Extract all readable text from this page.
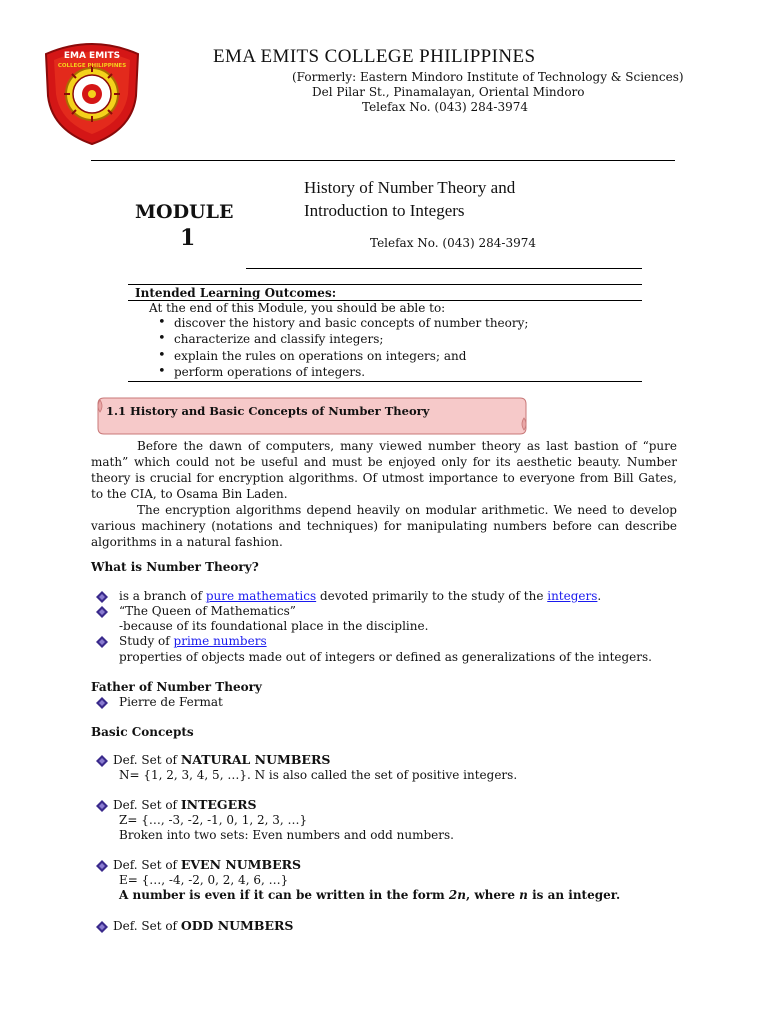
EMA EMITS
COLLEGE PHILIPPINES	EMA EMITS COLLEGE PHILIPPINES
(Formerly: Eastern Mindoro Institute of Technology & Sciences)
Del Pilar St., Pinamalayan, Oriental Mindoro
Telefax No. (043) 284-3974
MODULE
1
History of Number Theory and
Introduction to Integers
Telefax No. (043) 284-3974
Intended Learning Outcomes:
At the end of this Module, you should be able to:
• discover the history and basic concepts of number theory;
• characterize and classify integers;
• explain the rules on operations on integers; and
• perform operations of integers.
1.1 History and Basic Concepts of Number Theory

Before the dawn of computers, many viewed number theory as last bastion of “pure math” which could not be useful and must be enjoyed only for its aesthetic beauty. Number theory is crucial for encryption algorithms. Of utmost importance to everyone from Bill Gates, to the CIA, to Osama Bin Laden.

The encryption algorithms depend heavily on modular arithmetic. We need to develop various machinery (notations and techniques) for manipulating numbers before can describe algorithms in a natural fashion.

What is Number Theory?
is a branch of pure mathematics devoted primarily to the study of the integers.
“The Queen of Mathematics”
-because of its foundational place in the discipline.
Study of prime numbers
properties of objects made out of integers or defined as generalizations of the integers.
Father of Number Theory
Pierre de Fermat
Basic Concepts
Def. Set of NATURAL NUMBERS
N= {1, 2, 3, 4, 5, …}. N is also called the set of positive integers.
Def. Set of INTEGERS
Z= {…, -3, -2, -1, 0, 1, 2, 3, …}
Broken into two sets: Even numbers and odd numbers.
Def. Set of EVEN NUMBERS
E= {…, -4, -2, 0, 2, 4, 6, …}
A number is even if it can be written in the form 2n, where n is an integer.
Def. Set of ODD NUMBERS
